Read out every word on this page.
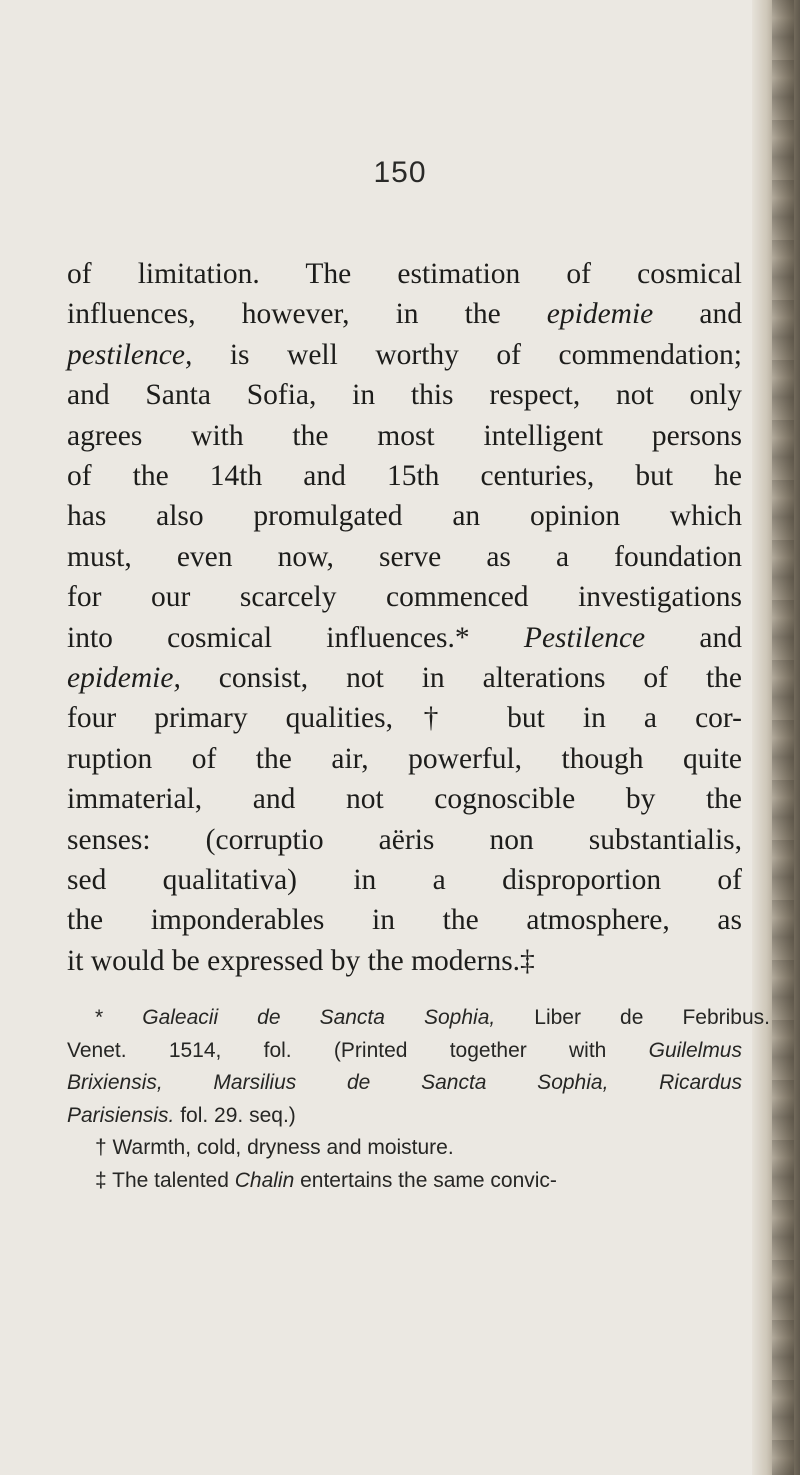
150
of limitation. The estimation of cosmical
influences, however, in the epidemie and
pestilence, is well worthy of commendation;
and Santa Sofia, in this respect, not only
agrees with the most intelligent persons
of the 14th and 15th centuries, but he
has also promulgated an opinion which
must, even now, serve as a foundation
for our scarcely commenced investigations
into cosmical influences.* Pestilence and
epidemie, consist, not in alterations of the
four primary qualities,† but in a cor-
ruption of the air, powerful, though quite
immaterial, and not cognoscible by the
senses: (corruptio aëris non substantialis,
sed qualitativa) in a disproportion of
the imponderables in the atmosphere, as
it would be expressed by the moderns.‡
* Galeacii de Sancta Sophia, Liber de Febribus.
Venet. 1514, fol. (Printed together with Guilelmus
Brixiensis, Marsilius de Sancta Sophia, Ricardus
Parisiensis. fol. 29. seq.)
† Warmth, cold, dryness and moisture.
‡ The talented Chalin entertains the same convic-
